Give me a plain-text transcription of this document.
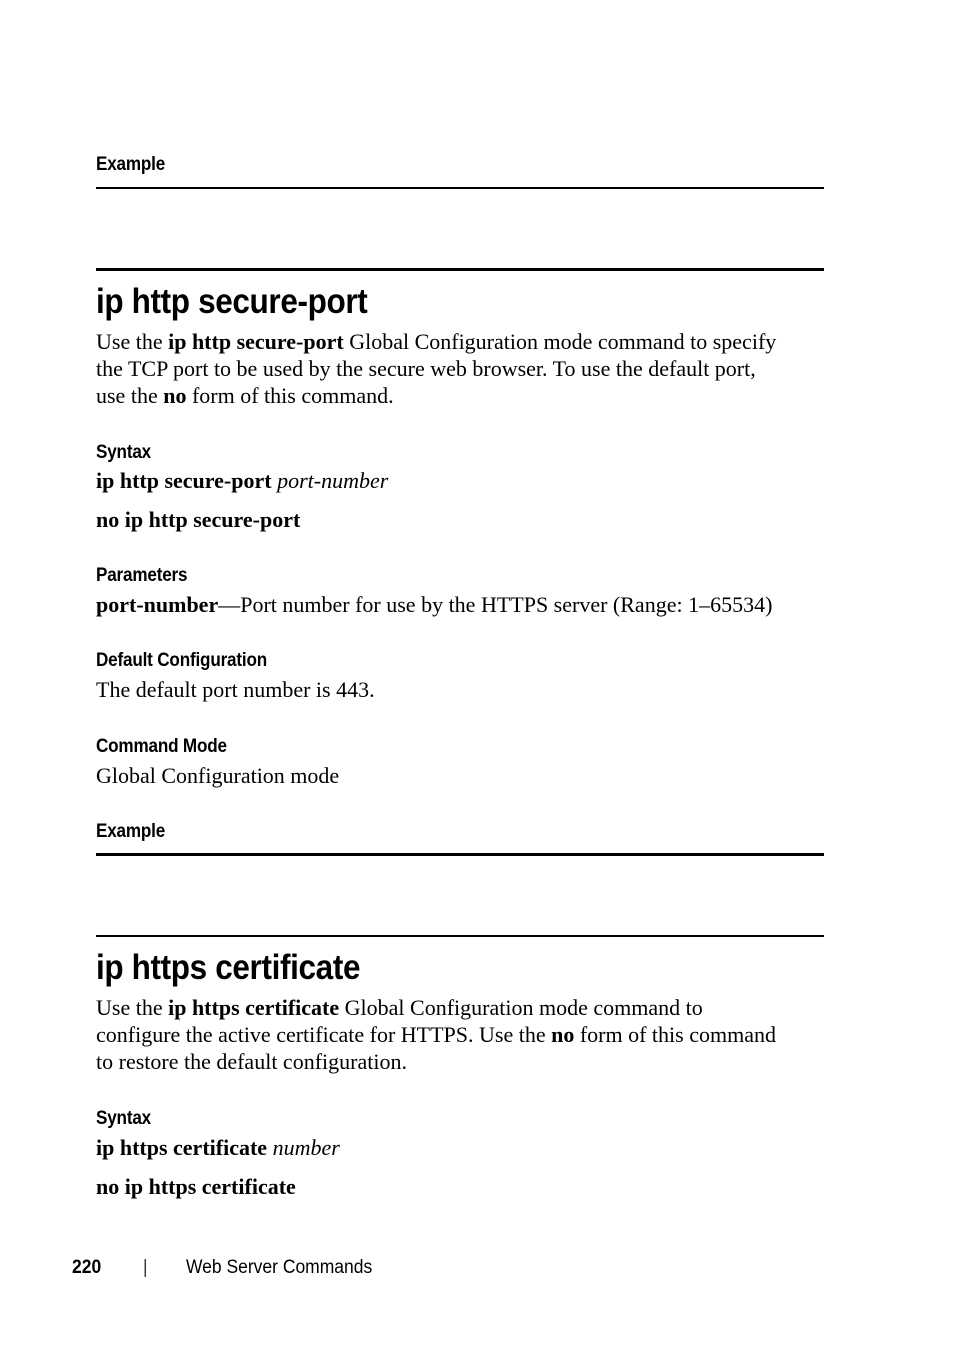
Example
ip http secure-port
Use the ip http secure-port Global Configuration mode command to specify
the TCP port to be used by the secure web browser. To use the default port,
use the no form of this command.
Syntax
ip http secure-port port-number
no ip http secure-port
Parameters
port-number—Port number for use by the HTTPS server (Range: 1–65534)
Default Configuration
The default port number is 443.
Command Mode
Global Configuration mode
Example
ip https certificate
Use the ip https certificate Global Configuration mode command to
configure the active certificate for HTTPS. Use the no form of this command
to restore the default configuration.
Syntax
ip https certificate number
no ip https certificate
220 | Web Server Commands
